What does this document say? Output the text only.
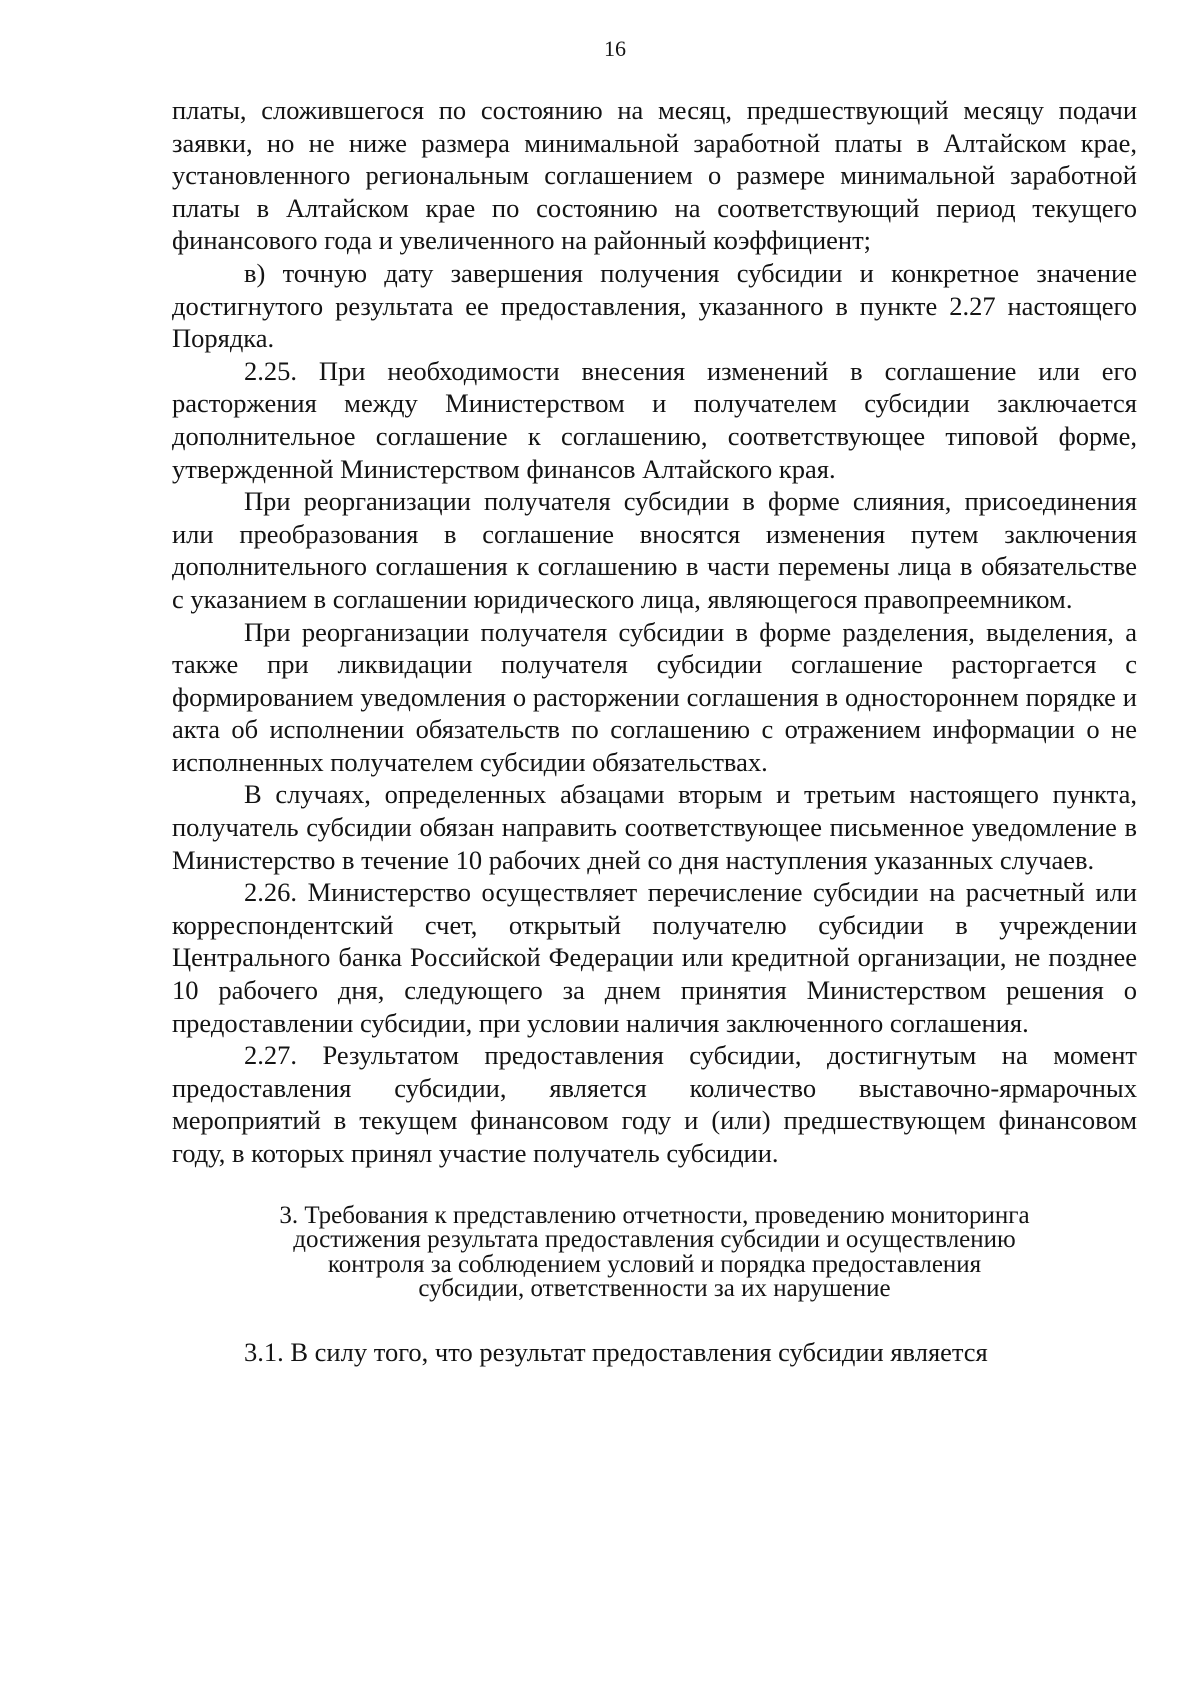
16

платы, сложившегося по состоянию на месяц, предшествующий месяцу подачи заявки, но не ниже размера минимальной заработной платы в Алтайском крае, установленного региональным соглашением о размере минимальной заработной платы в Алтайском крае по состоянию на соответствующий период текущего финансового года и увеличенного на районный коэффициент;

в) точную дату завершения получения субсидии и конкретное значение достигнутого результата ее предоставления, указанного в пункте 2.27 настоящего Порядка.

2.25. При необходимости внесения изменений в соглашение или его расторжения между Министерством и получателем субсидии заключается дополнительное соглашение к соглашению, соответствующее типовой форме, утвержденной Министерством финансов Алтайского края.

При реорганизации получателя субсидии в форме слияния, присоединения или преобразования в соглашение вносятся изменения путем заключения дополнительного соглашения к соглашению в части перемены лица в обязательстве с указанием в соглашении юридического лица, являющегося правопреемником.

При реорганизации получателя субсидии в форме разделения, выделения, а также при ликвидации получателя субсидии соглашение расторгается с формированием уведомления о расторжении соглашения в одностороннем порядке и акта об исполнении обязательств по соглашению с отражением информации о не исполненных получателем субсидии обязательствах.

В случаях, определенных абзацами вторым и третьим настоящего пункта, получатель субсидии обязан направить соответствующее письменное уведомление в Министерство в течение 10 рабочих дней со дня наступления указанных случаев.

2.26. Министерство осуществляет перечисление субсидии на расчетный или корреспондентский счет, открытый получателю субсидии в учреждении Центрального банка Российской Федерации или кредитной организации, не позднее 10 рабочего дня, следующего за днем принятия Министерством решения о предоставлении субсидии, при условии наличия заключенного соглашения.

2.27. Результатом предоставления субсидии, достигнутым на момент предоставления субсидии, является количество выставочно-ярмарочных мероприятий в текущем финансовом году и (или) предшествующем финансовом году, в которых принял участие получатель субсидии.

3. Требования к представлению отчетности, проведению мониторинга достижения результата предоставления субсидии и осуществлению контроля за соблюдением условий и порядка предоставления субсидии, ответственности за их нарушение

3.1. В силу того, что результат предоставления субсидии является
